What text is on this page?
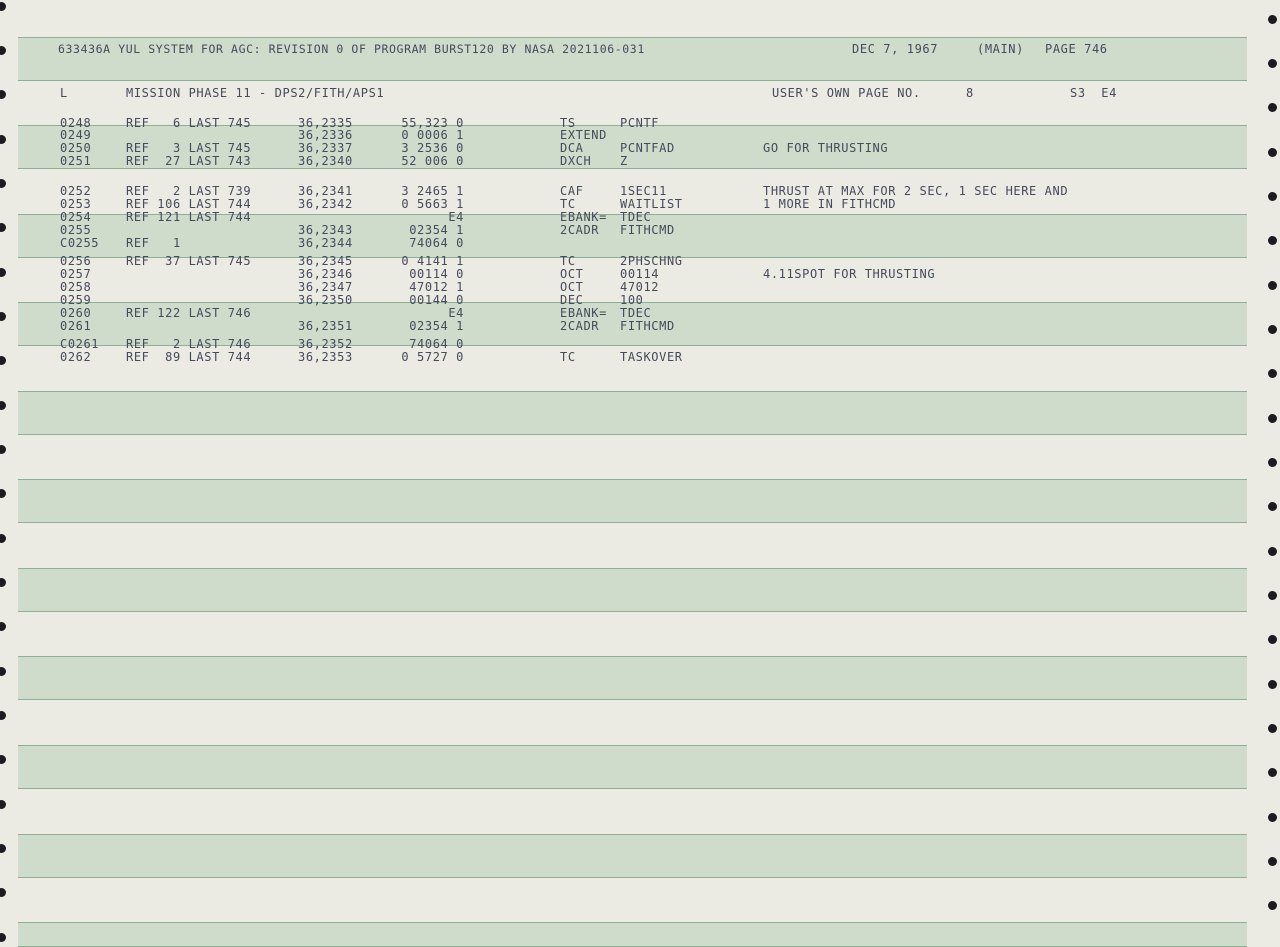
633436A YUL SYSTEM FOR AGC: REVISION 0 OF PROGRAM BURST120 BY NASA 2021106-031	DEC 7, 1967	(MAIN) PAGE 746
L	MISSION PHASE 11 - DPS2/FITH/APS1	USER'S OWN PAGE NO.	8	S3  E4
0248	REF   6 LAST 745	36,2335	55,323 0	TS	PCNTF
0249	36,2336	0 0006 1	EXTEND
0250	REF   3 LAST 745	36,2337	3 2536 0	DCA	PCNTFAD	GO FOR THRUSTING
0251	REF  27 LAST 743	36,2340	52 006 0	DXCH Z
0252	REF   2 LAST 739	36,2341	3 2465 1	CAF	1SEC11	THRUST AT MAX FOR 2 SEC, 1 SEC HERE AND
0253	REF 106 LAST 744	36,2342	0 5663 1	TC	WAITLIST	1 MORE IN FITHCMD
0254	REF 121 LAST 744	E4	EBANK= TDEC
0255	36,2343	02354 1	2CADR FITHCMD
C0255 REF   1	36,2344	74064 0
0256	REF  37 LAST 745	36,2345	0 4141 1	TC	2PHSCHNG
0257	36,2346	00114 0	OCT	00114	4.11SPOT FOR THRUSTING
0258	36,2347	47012 1	OCT	47012
0259	36,2350	00144 0	DEC	100
0260	REF 122 LAST 746	E4	EBANK= TDEC
0261	36,2351	02354 1	2CADR FITHCMD
C0261 REF   2 LAST 746	36,2352	74064 0
0262	REF  89 LAST 744	36,2353	0 5727 0	TC	TASKOVER
